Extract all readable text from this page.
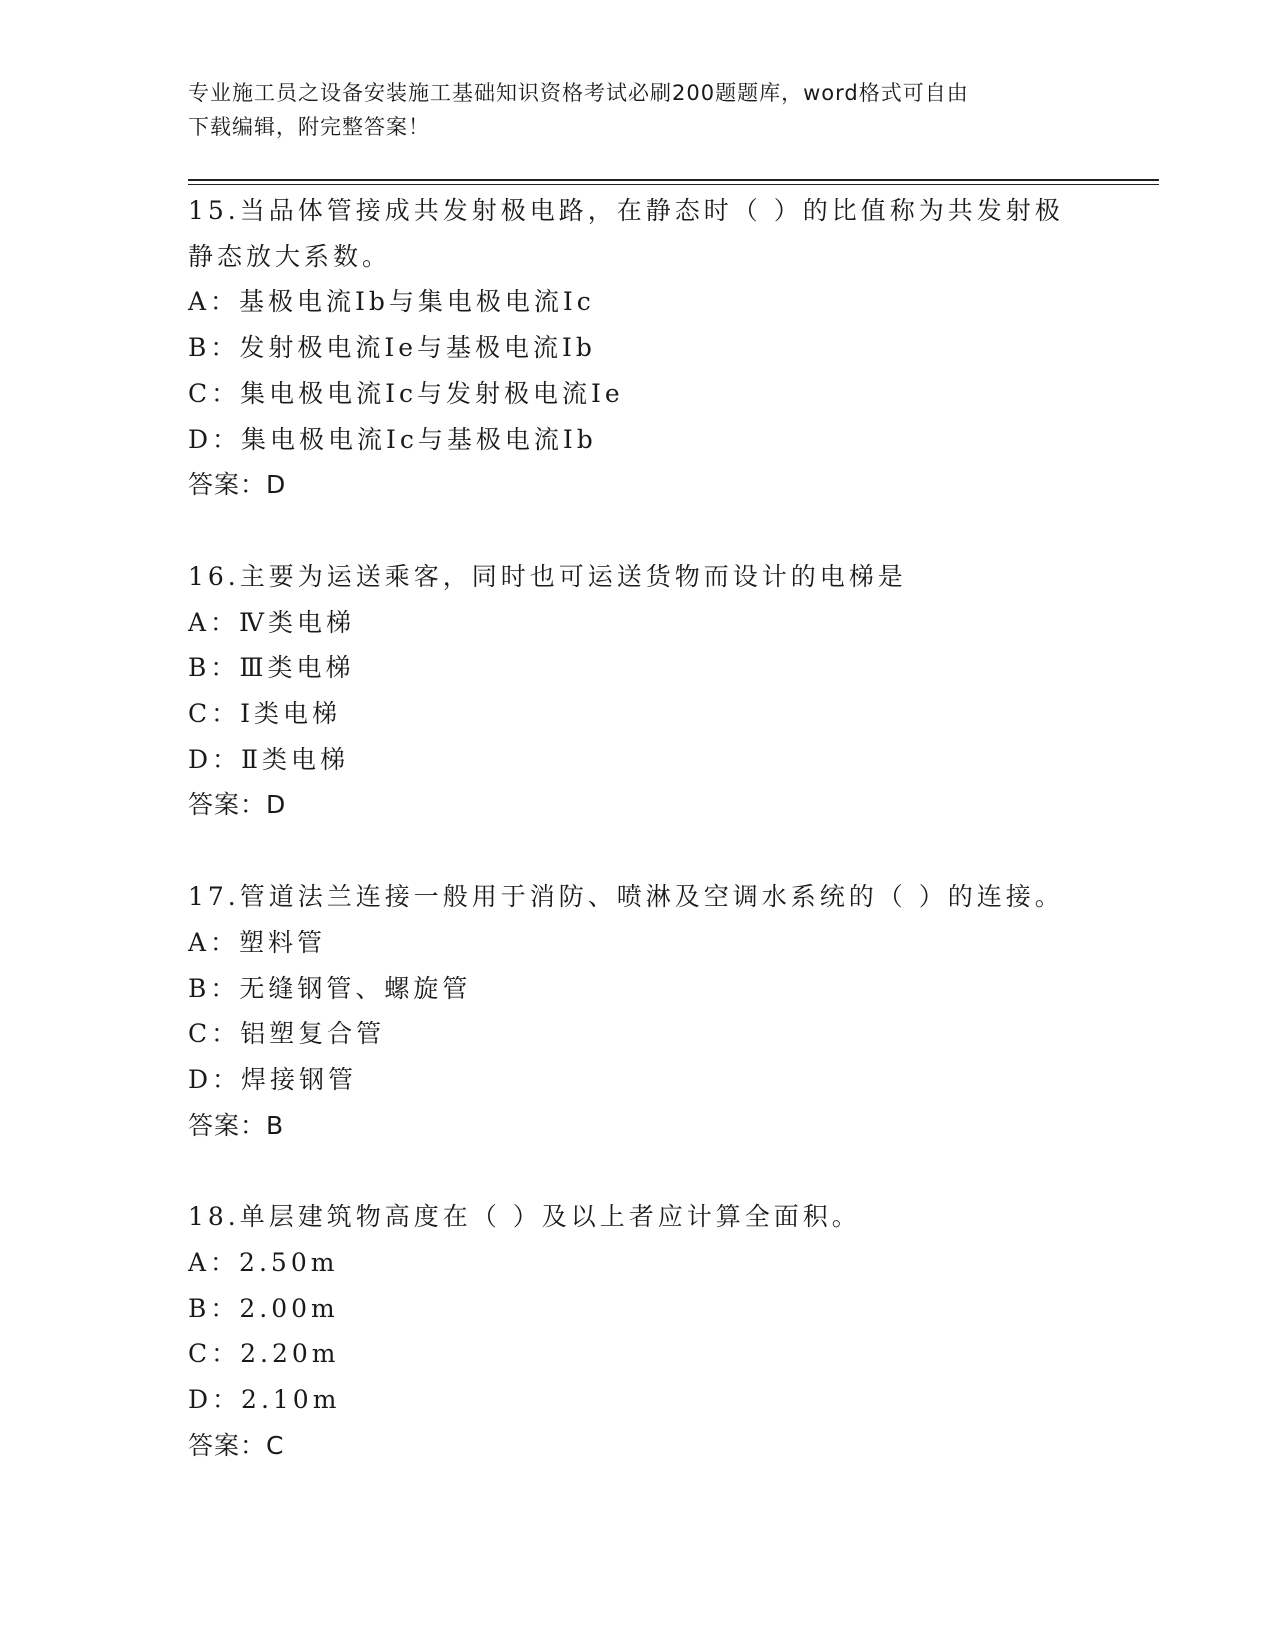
专业施工员之设备安装施工基础知识资格考试必刷200题题库，word格式可自由
下载编辑，附完整答案！
15.当品体管接成共发射极电路，在静态时（ ）的比值称为共发射极
静态放大系数。
A：基极电流Ib与集电极电流Ic
B：发射极电流Ie与基极电流Ib
C：集电极电流Ic与发射极电流Ie
D：集电极电流Ic与基极电流Ib
答案：D
16.主要为运送乘客，同时也可运送货物而设计的电梯是
A：Ⅳ类电梯
B：Ⅲ类电梯
C：Ⅰ类电梯
D：Ⅱ类电梯
答案：D
17.管道法兰连接一般用于消防、喷淋及空调水系统的（ ）的连接。
A：塑料管
B：无缝钢管、螺旋管
C：铝塑复合管
D：焊接钢管
答案：B
18.单层建筑物高度在（ ）及以上者应计算全面积。
A：2.50m
B：2.00m
C：2.20m
D：2.10m
答案：C
